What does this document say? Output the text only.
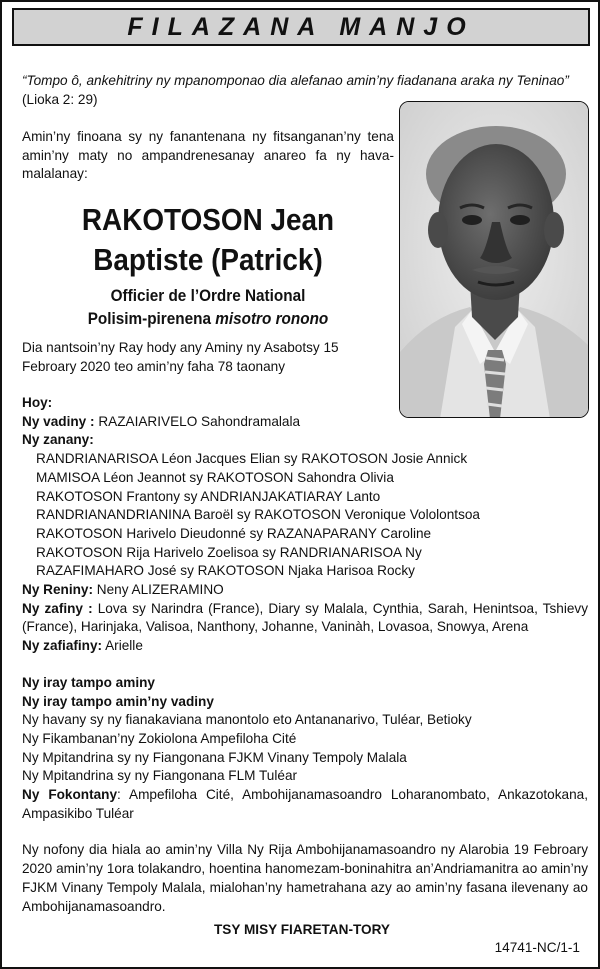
FILAZANA MANJO
“Tompo ô, ankehitriny ny mpanomponao dia alefanao amin’ny fiadanana araka ny Teninao”
(Lioka 2: 29)
Amin’ny finoana sy ny fanantenana ny fitsanganan’ny tena amin’ny maty no ampandrenesanay anareo fa ny hava-malalanay:
RAKOTOSON Jean
Baptiste (Patrick)
Officier de l’Ordre National
Polisim-pirenena misotro ronono
Dia nantsoin’ny Ray hody any Aminy ny Asabotsy 15 Febroary 2020 teo amin’ny faha 78 taonany
Hoy:
Ny vadiny : RAZAIARIVELO Sahondramalala
Ny zanany:
RANDRIANARISOA Léon Jacques Elian sy RAKOTOSON Josie Annick
MAMISOA Léon Jeannot sy RAKOTOSON Sahondra Olivia
RAKOTOSON Frantony sy ANDRIANJAKATIARAY Lanto
RANDRIANANDRIANINA Baroël sy RAKOTOSON Veronique Vololontsoa
RAKOTOSON Harivelo Dieudonné sy RAZANAPARANY Caroline
RAKOTOSON Rija Harivelo Zoelisoa sy RANDRIANARISOA Ny
RAZAFIMAHARO José sy RAKOTOSON Njaka Harisoa Rocky
Ny Reniny: Neny ALIZERAMINO
Ny zafiny : Lova sy Narindra (France), Diary sy Malala, Cynthia, Sarah, Henintsoa, Tshievy (France), Harinjaka, Valisoa, Nanthony, Johanne, Vaninàh, Lovasoa, Snowya, Arena
Ny zafiafiny: Arielle
Ny iray tampo aminy
Ny iray tampo amin’ny vadiny
Ny havany sy ny fianakaviana manontolo eto Antananarivo, Tuléar, Betioky
Ny Fikambanan’ny Zokiolona Ampefiloha Cité
Ny Mpitandrina sy ny Fiangonana FJKM Vinany Tempoly Malala
Ny Mpitandrina sy ny Fiangonana FLM Tuléar
Ny Fokontany: Ampefiloha Cité, Ambohijanamasoandro Loharanombato, Ankazotokana, Ampasikibo Tuléar
Ny nofony dia hiala ao amin’ny Villa Ny Rija Ambohijanamasoandro ny Alarobia 19 Febroary 2020 amin’ny 1ora tolakandro, hoentina hanomezam-boninahitra an’Andriamanitra ao amin’ny FJKM Vinany Tempoly Malala, mialohan’ny hametrahana azy ao amin’ny fasana ilevenany ao Ambohijanamasoandro.
TSY MISY FIARETAN-TORY
14741-NC/1-1
